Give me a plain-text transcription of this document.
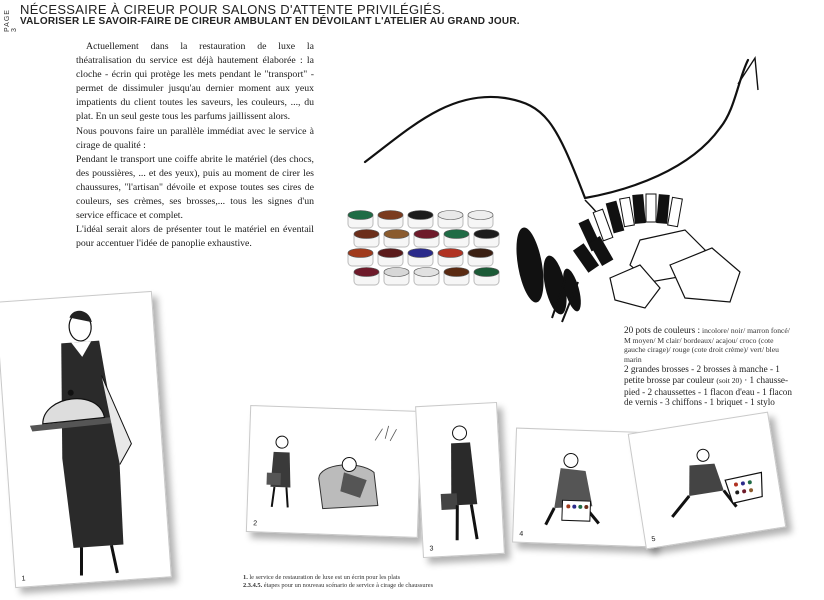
PAGE 3
NÉCESSAIRE À CIREUR POUR SALONS D'ATTENTE PRIVILÉGIÉS.
VALORISER LE SAVOIR-FAIRE DE CIREUR AMBULANT EN DÉVOILANT L'ATELIER AU GRAND JOUR.

Actuellement dans la restauration de luxe la théatralisation du service est déjà hautement élaborée : la cloche - écrin qui protège les mets pendant le "transport" - permet de dissimuler jusqu'au dernier moment aux yeux impatients du client toutes les saveurs, les couleurs, ..., du plat. En un seul geste tous les parfums jaillissent alors.

Nous pouvons faire un parallèle immédiat avec le service à cirage de qualité :

Pendant le transport une coiffe abrite le matériel (des chocs, des poussières, ... et des yeux), puis au moment de cirer les chaussures, "l'artisan" dévoile et expose toutes ses cires de couleurs, ses crèmes, ses brosses,... tous les signes d'un service efficace et complet.

L'idéal serait alors de présenter tout le matériel en éventail pour accentuer l'idée de panoplie exhaustive.

20 pots de couleurs : incolore/ noir/ marron foncé/ M moyen/ M clair/ bordeaux/ acajou/ croco (cote gauche cirage)/ rouge (cote droit crème)/ vert/ bleu marin
2 grandes brosses - 2 brosses à manche - 1 petite brosse par couleur (soit 20) · 1 chausse-pied - 2 chaussettes - 1 flacon d'eau - 1 flacon de vernis - 3 chiffons - 1 briquet - 1 stylo
1
2
3
4
5
1. le service de restauration de luxe est un écrin pour les plats
2.3.4.5. étapes pour un nouveau scénario de service à cirage de chaussures
